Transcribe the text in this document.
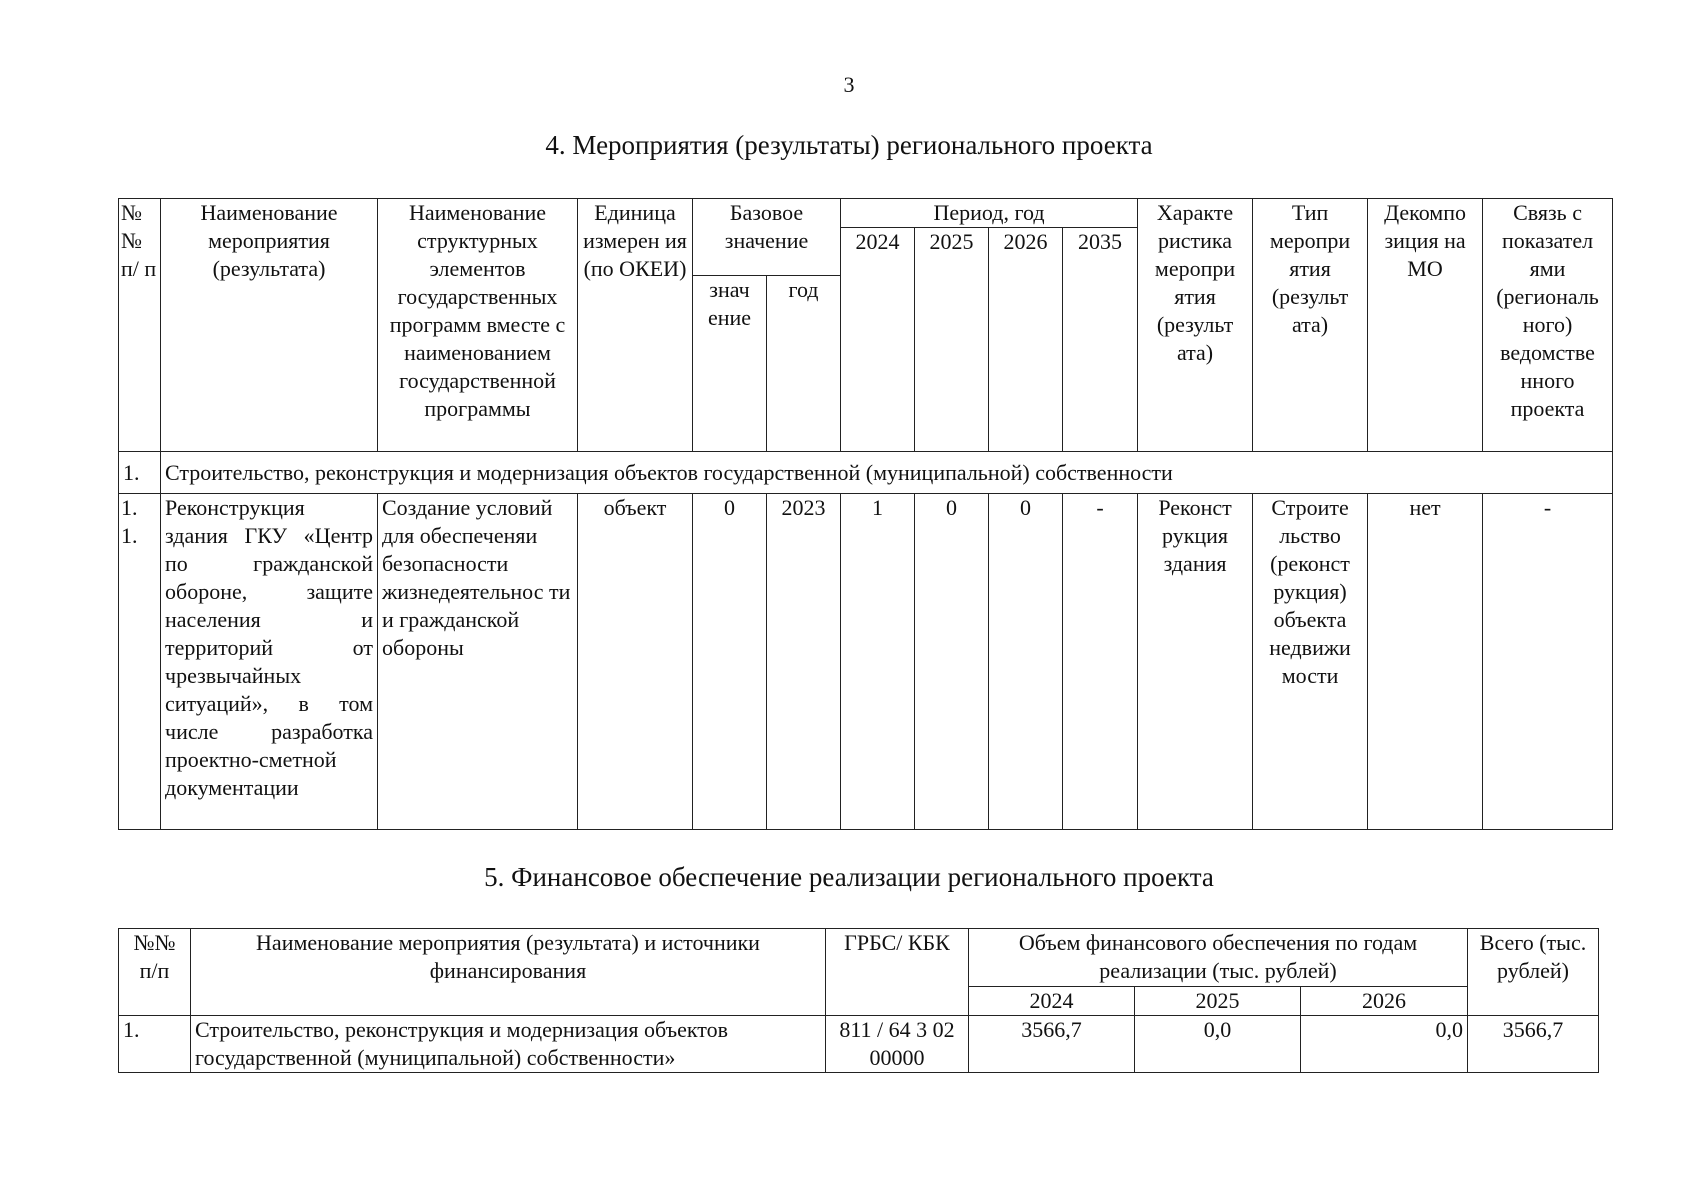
3
4. Мероприятия (результаты) регионального проекта
№ № п/ п	Наименование мероприятия (результата)	Наименование структурных элементов государственных программ вместе с наименованием государственной программы	Единица измерен ия (по ОКЕИ)	Базовое значение		Период, год				Характе ристика меропри ятия (результ ата)	Тип меропри ятия (результ ата)	Декомпо зиция на МО	Связь с показател ями (региональ ного) ведомстве нного проекта
						2024	2025	2026	2035				
				знач ение	год								
1.	Строительство, реконструкция и модернизация объектов государственной (муниципальной) собственности												
1. 1.	Реконструкция здания ГКУ «Центр по гражданской обороне, защите населения и территорий от чрезвычайных ситуаций», в том числе разработка проектно-сметной документации	Создание условий для обеспеченяи безопасности жизнедеятельнос ти и гражданской обороны	объект	0	2023	1	0	0	-	Реконст рукция здания	Строите льство (реконст рукция) объекта недвижи мости	нет	-
5. Финансовое обеспечение реализации регионального проекта
№№ п/п	Наименование мероприятия (результата) и источники финансирования	ГРБС/ КБК	Объем финансового обеспечения по годам реализации (тыс. рублей)			Всего (тыс. рублей)
			2024	2025	2026	
1.	Строительство, реконструкция и модернизация объектов государственной (муниципальной) собственности»	811 / 64 3 02 00000	3566,7	0,0	0,0	3566,7
